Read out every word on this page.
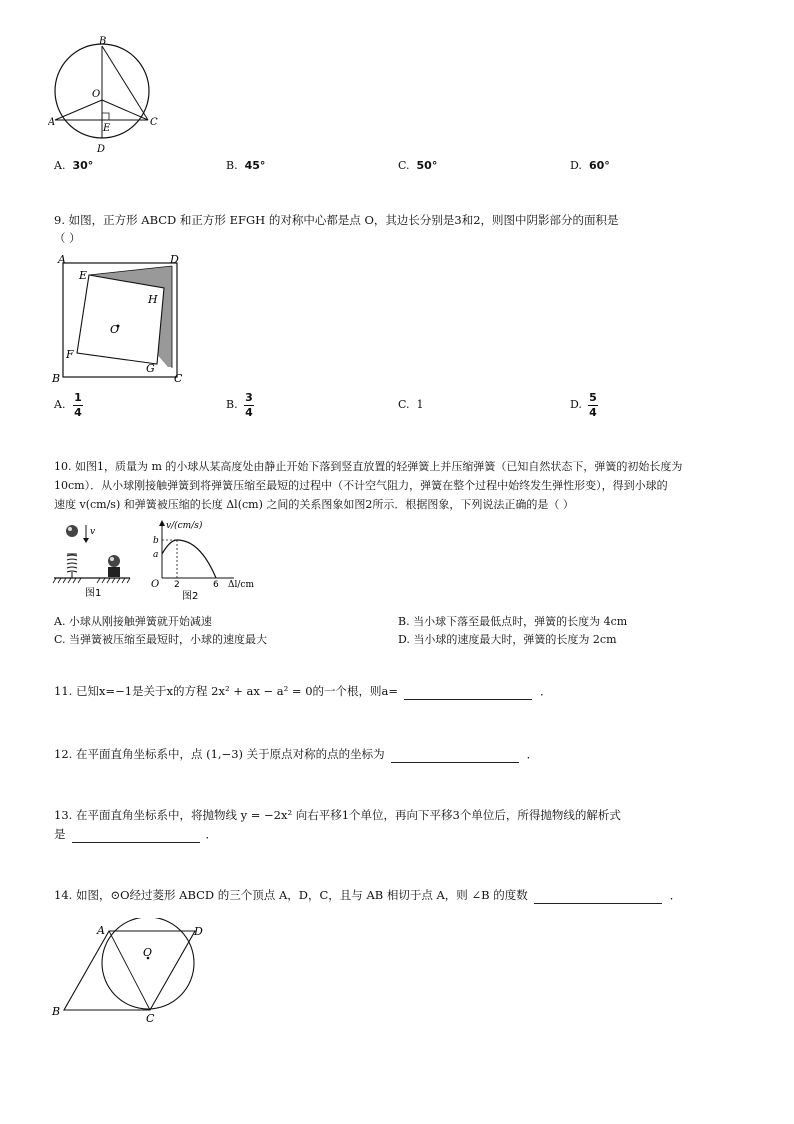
B
O
A
E
C
D
A. 30°	B. 45°	C. 50°	D. 60°
9. 如图，正方形 ABCD 和正方形 EFGH 的对称中心都是点 O，其边长分别是3和2，则图中阴影部分的面积是
（ ）
A	D
E
H
O
F
G
B	C
A.
1
4
B.
3
4
C. 1	D.
5
4
10. 如图1，质量为 m 的小球从某高度处由静止开始下落到竖直放置的轻弹簧上并压缩弹簧（已知自然状态下，弹簧的初始长度为
10cm）．从小球刚接触弹簧到将弹簧压缩至最短的过程中（不计空气阻力，弹簧在整个过程中始终发生弹性形变），得到小球的
速度 v(cm/s) 和弹簧被压缩的长度 Δl(cm) 之间的关系图象如图2所示．根据图象，下列说法正确的是（ ）
v
图1
v/(cm/s)
b
a
O 2	6 Δl/cm
图2
A. 小球从刚接触弹簧就开始减速	B. 当小球下落至最低点时，弹簧的长度为 4cm
C. 当弹簧被压缩至最短时，小球的速度最大	D. 当小球的速度最大时，弹簧的长度为 2cm
11. 已知x=−1是关于x的方程 2x² + ax − a² = 0的一个根，则a=	．
12. 在平面直角坐标系中，点 (1,−3) 关于原点对称的点的坐标为	．
13. 在平面直角坐标系中，将抛物线 y = −2x² 向右平移1个单位，再向下平移3个单位后，所得抛物线的解析式
是	．
14. 如图，⊙O经过菱形 ABCD 的三个顶点 A，D，C，且与 AB 相切于点 A，则 ∠B 的度数	．
A	D
O
B
C
